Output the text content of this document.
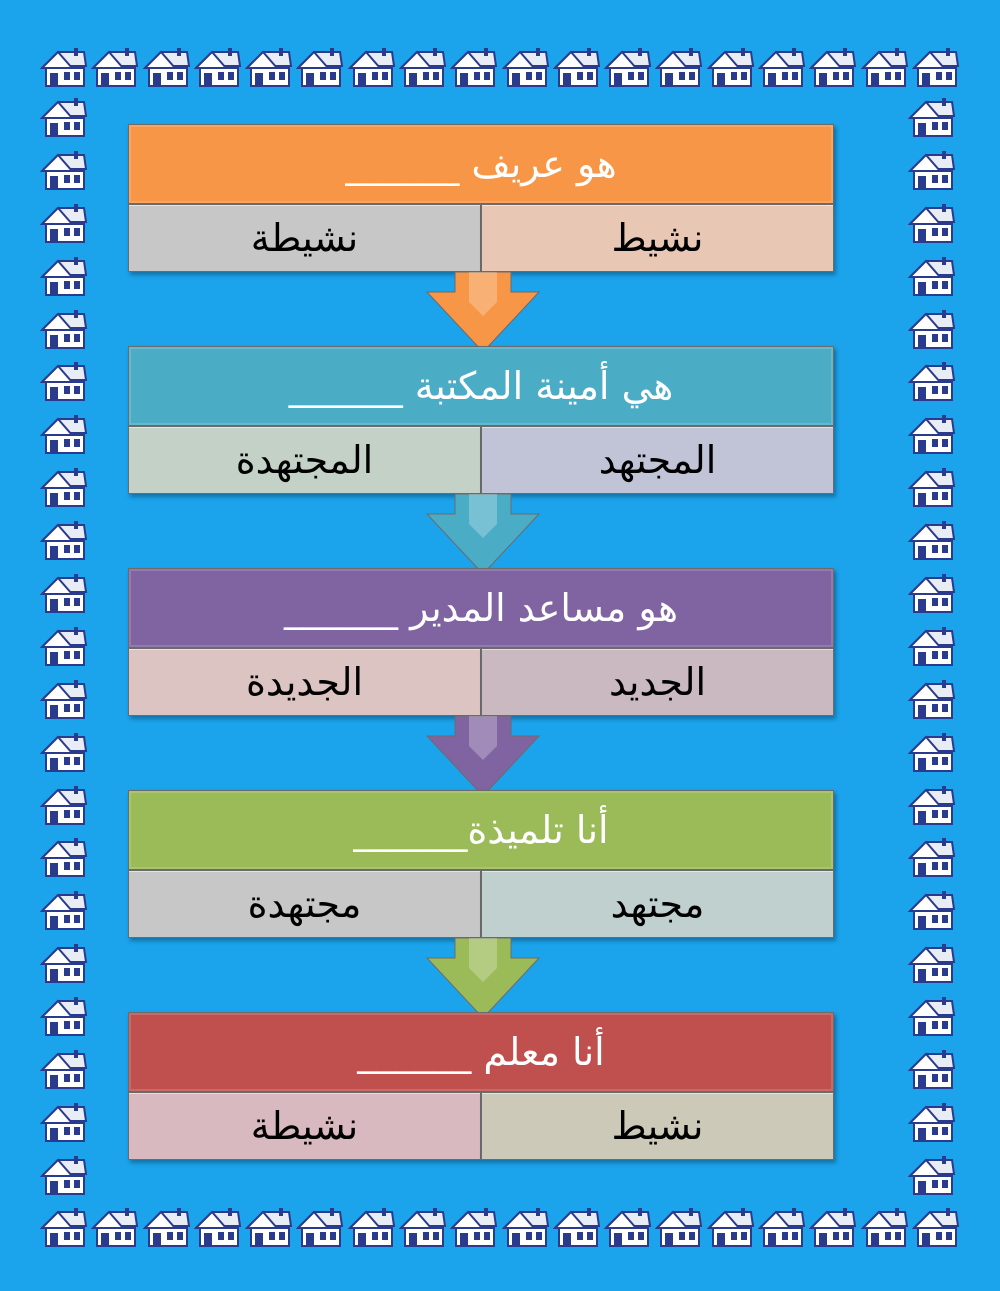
هو عريف ______
نشيط
نشيطة
هي أمينة المكتبة ______
المجتهد
المجتهدة
هو مساعد المدير ______
الجديد
الجديدة
أنا تلميذة______
مجتهد
مجتهدة
أنا معلم ______
نشيط
نشيطة
